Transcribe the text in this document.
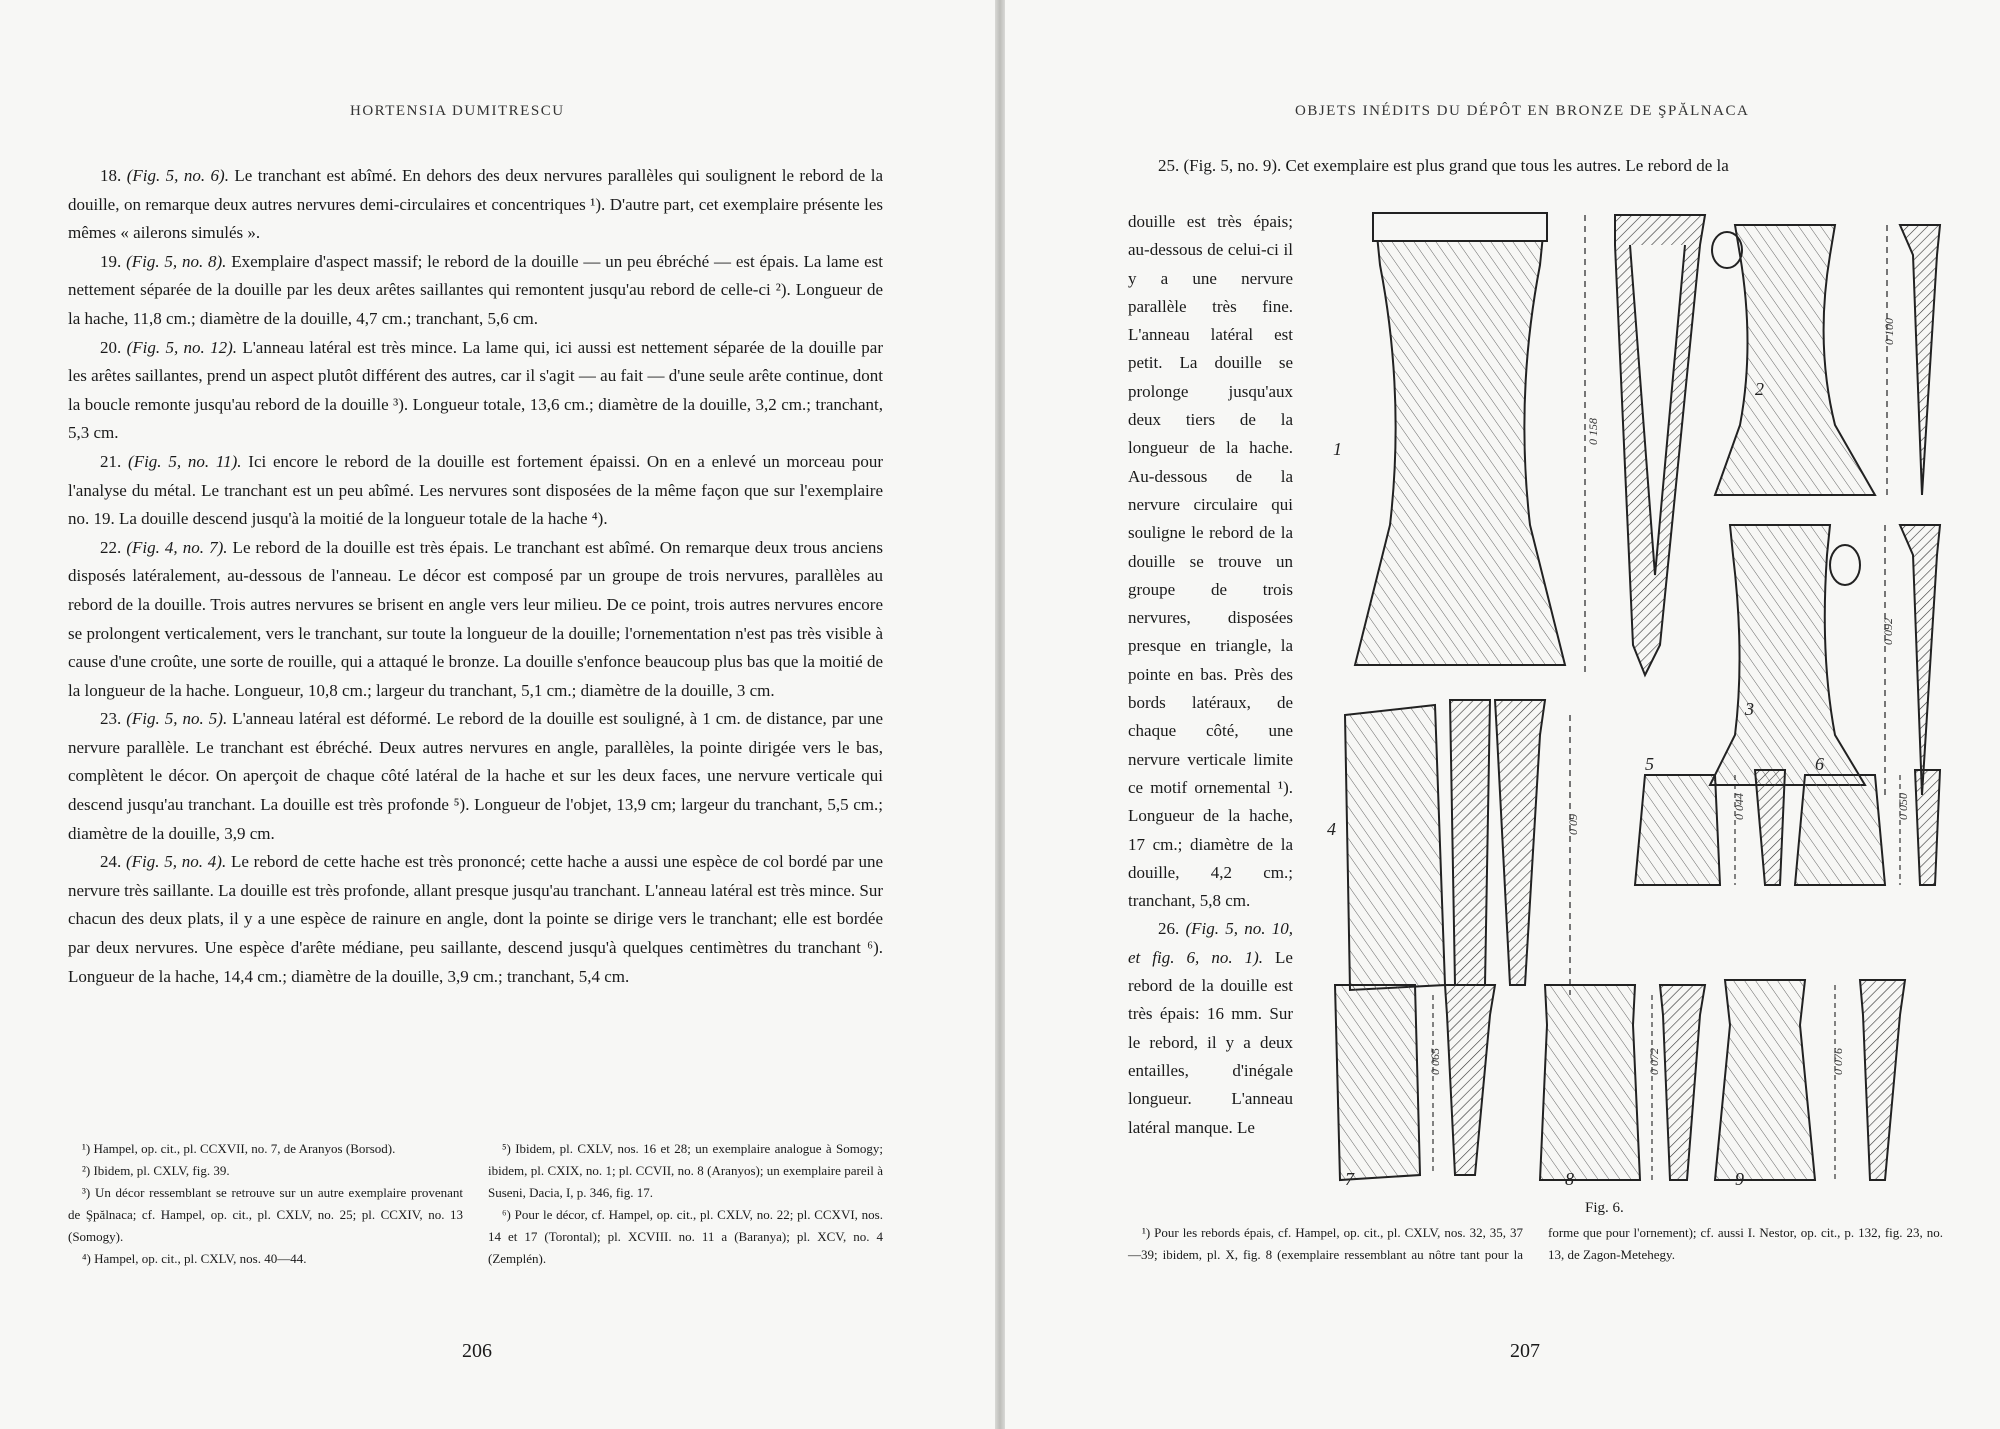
HORTENSIA DUMITRESCU

18. (Fig. 5, no. 6). Le tranchant est abîmé. En dehors des deux nervures parallèles qui soulignent le rebord de la douille, on remarque deux autres nervures demi-circulaires et concentriques ¹). D'autre part, cet exemplaire présente les mêmes « ailerons simulés ».

19. (Fig. 5, no. 8). Exemplaire d'aspect massif; le rebord de la douille — un peu ébréché — est épais. La lame est nettement séparée de la douille par les deux arêtes saillantes qui remontent jusqu'au rebord de celle-ci ²). Longueur de la hache, 11,8 cm.; diamètre de la douille, 4,7 cm.; tranchant, 5,6 cm.

20. (Fig. 5, no. 12). L'anneau latéral est très mince. La lame qui, ici aussi est nettement séparée de la douille par les arêtes saillantes, prend un aspect plutôt différent des autres, car il s'agit — au fait — d'une seule arête continue, dont la boucle remonte jusqu'au rebord de la douille ³). Longueur totale, 13,6 cm.; diamètre de la douille, 3,2 cm.; tranchant, 5,3 cm.

21. (Fig. 5, no. 11). Ici encore le rebord de la douille est fortement épaissi. On en a enlevé un morceau pour l'analyse du métal. Le tranchant est un peu abîmé. Les nervures sont disposées de la même façon que sur l'exemplaire no. 19. La douille descend jusqu'à la moitié de la longueur totale de la hache ⁴).

22. (Fig. 4, no. 7). Le rebord de la douille est très épais. Le tranchant est abîmé. On remarque deux trous anciens disposés latéralement, au-dessous de l'anneau. Le décor est composé par un groupe de trois nervures, parallèles au rebord de la douille. Trois autres nervures se brisent en angle vers leur milieu. De ce point, trois autres nervures encore se prolongent verticalement, vers le tranchant, sur toute la longueur de la douille; l'ornementation n'est pas très visible à cause d'une croûte, une sorte de rouille, qui a attaqué le bronze. La douille s'enfonce beaucoup plus bas que la moitié de la longueur de la hache. Longueur, 10,8 cm.; largeur du tranchant, 5,1 cm.; diamètre de la douille, 3 cm.

23. (Fig. 5, no. 5). L'anneau latéral est déformé. Le rebord de la douille est souligné, à 1 cm. de distance, par une nervure parallèle. Le tranchant est ébréché. Deux autres nervures en angle, parallèles, la pointe dirigée vers le bas, complètent le décor. On aperçoit de chaque côté latéral de la hache et sur les deux faces, une nervure verticale qui descend jusqu'au tranchant. La douille est très profonde ⁵). Longueur de l'objet, 13,9 cm; largeur du tranchant, 5,5 cm.; diamètre de la douille, 3,9 cm.

24. (Fig. 5, no. 4). Le rebord de cette hache est très prononcé; cette hache a aussi une espèce de col bordé par une nervure très saillante. La douille est très profonde, allant presque jusqu'au tranchant. L'anneau latéral est très mince. Sur chacun des deux plats, il y a une espèce de rainure en angle, dont la pointe se dirige vers le tranchant; elle est bordée par deux nervures. Une espèce d'arête médiane, peu saillante, descend jusqu'à quelques centimètres du tranchant ⁶). Longueur de la hache, 14,4 cm.; diamètre de la douille, 3,9 cm.; tranchant, 5,4 cm.

¹) Hampel, op. cit., pl. CCXVII, no. 7, de Aranyos (Borsod).

²) Ibidem, pl. CXLV, fig. 39.

³) Un décor ressemblant se retrouve sur un autre exemplaire provenant de Şpălnaca; cf. Hampel, op. cit., pl. CXLV, no. 25; pl. CCXIV, no. 13 (Somogy).

⁴) Hampel, op. cit., pl. CXLV, nos. 40—44.

⁵) Ibidem, pl. CXLV, nos. 16 et 28; un exemplaire analogue à Somogy; ibidem, pl. CXIX, no. 1; pl. CCVII, no. 8 (Aranyos); un exemplaire pareil à Suseni, Dacia, I, p. 346, fig. 17.

⁶) Pour le décor, cf. Hampel, op. cit., pl. CXLV, no. 22; pl. CCXVI, nos. 14 et 17 (Torontal); pl. XCVIII. no. 11 a (Baranya); pl. XCV, no. 4 (Zemplén).

206
OBJETS INÉDITS DU DÉPÔT EN BRONZE DE ŞPĂLNACA

25. (Fig. 5, no. 9). Cet exemplaire est plus grand que tous les autres. Le rebord de la

douille est très épais; au-dessous de celui-ci il y a une nervure parallèle très fine. L'anneau latéral est petit. La douille se prolonge jusqu'aux deux tiers de la longueur de la hache. Au-dessous de la nervure circulaire qui souligne le rebord de la douille se trouve un groupe de trois nervures, disposées presque en triangle, la pointe en bas. Près des bords latéraux, de chaque côté, une nervure verticale limite ce motif ornemental ¹). Longueur de la hache, 17 cm.; diamètre de la douille, 4,2 cm.; tranchant, 5,8 cm.
26. (Fig. 5, no. 10, et fig. 6, no. 1). Le rebord de la douille est très épais: 16 mm. Sur le rebord, il y a deux entailles, d'inégale longueur. L'anneau latéral manque. Le
1
2
3
4
5	6
7	8	9
0 158
0 100
0 092
0 09
0 044	0 050
0 065	0 072	0 076
Fig. 6.

¹) Pour les rebords épais, cf. Hampel, op. cit., pl. CXLV, nos. 32, 35, 37—39; ibidem, pl. X, fig. 8 (exemplaire ressemblant au nôtre tant pour la forme que pour l'ornement); cf. aussi I. Nestor, op. cit., p. 132, fig. 23, no. 13, de Zagon-Metehegy.

207
